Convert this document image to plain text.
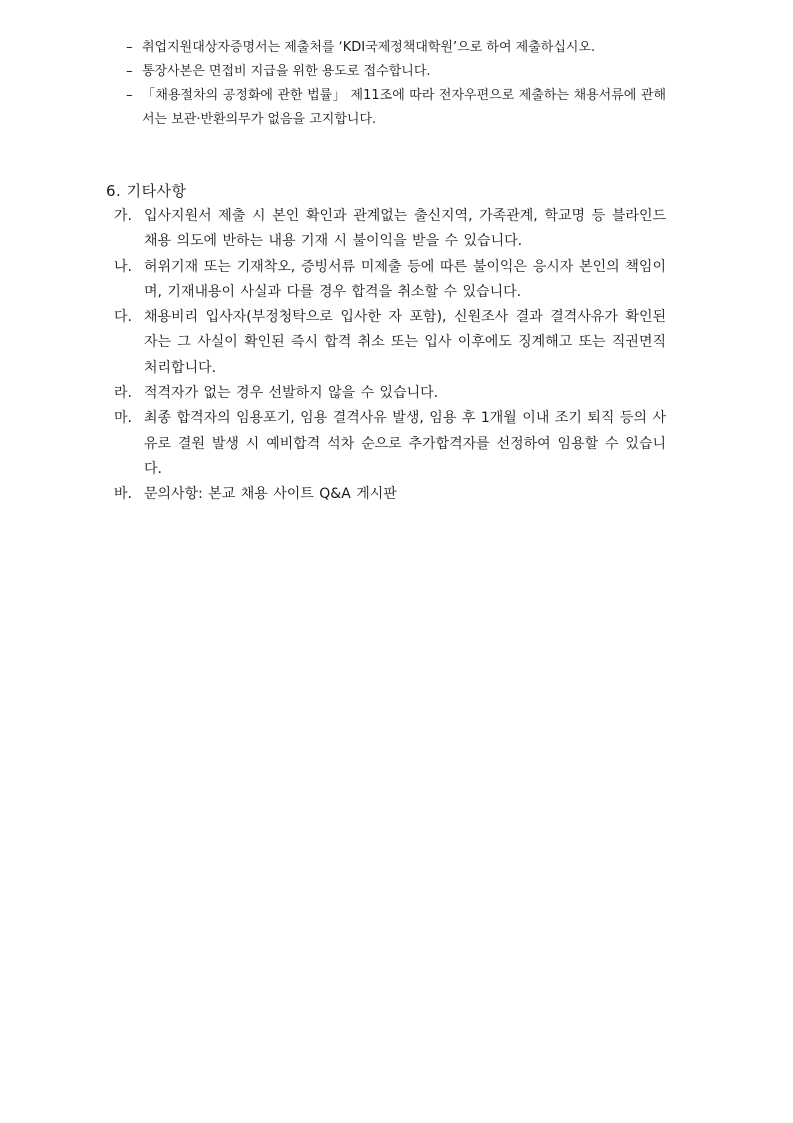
– 취업지원대상자증명서는 제출처를 ‘KDI국제정책대학원’으로 하여 제출하십시오.
– 통장사본은 면접비 지급을 위한 용도로 접수합니다.
– 「채용절차의 공정화에 관한 법률」 제11조에 따라 전자우편으로 제출하는 채용서류에 관해서는 보관·반환의무가 없음을 고지합니다.
6. 기타사항
가. 입사지원서 제출 시 본인 확인과 관계없는 출신지역, 가족관계, 학교명 등 블라인드 채용 의도에 반하는 내용 기재 시 불이익을 받을 수 있습니다.
나. 허위기재 또는 기재착오, 증빙서류 미제출 등에 따른 불이익은 응시자 본인의 책임이며, 기재내용이 사실과 다를 경우 합격을 취소할 수 있습니다.
다. 채용비리 입사자(부정청탁으로 입사한 자 포함), 신원조사 결과 결격사유가 확인된 자는 그 사실이 확인된 즉시 합격 취소 또는 입사 이후에도 징계해고 또는 직권면직 처리합니다.
라. 적격자가 없는 경우 선발하지 않을 수 있습니다.
마. 최종 합격자의 임용포기, 임용 결격사유 발생, 임용 후 1개월 이내 조기 퇴직 등의 사유로 결원 발생 시 예비합격 석차 순으로 추가합격자를 선정하여 임용할 수 있습니다.
바. 문의사항: 본교 채용 사이트 Q&A 게시판
